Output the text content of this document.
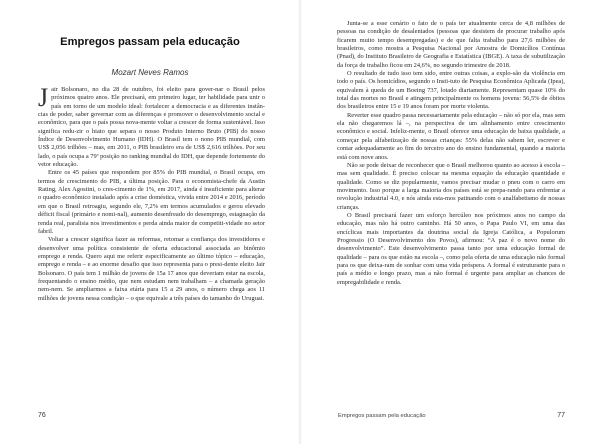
Empregos passam pela educação
Mozart Neves Ramos

Jair Bolsonaro, no dia 28 de outubro, foi eleito para gover-nar o Brasil pelos próximos quatro anos. Ele precisará, em primeiro lugar, ter habilidade para unir o país em torno de um modelo ideal: fortalecer a democracia e as diferentes instân-cias de poder, saber governar com as diferenças e promover o desenvolvimento social e econômico, para que o país possa nova-mente voltar a crescer de forma sustentável. Isso significa redu-zir o hiato que separa o nosso Produto Interno Bruto (PIB) do nosso Índice de Desenvolvimento Humano (IDH). O Brasil tem o nono PIB mundial, com US$ 2,056 trilhões – mas, em 2011, o PIB brasileiro era de US$ 2,616 trilhões. Por seu lado, o país ocupa a 79ª posição no ranking mundial do IDH, que depende fortemente do vetor educação.

Entre os 45 países que respondem por 85% do PIB mundial, o Brasil ocupa, em termos de crescimento do PIB, a última posição. Para o economista-chefe da Austin Rating, Alex Agostini, o cres-cimento de 1%, em 2017, ainda é insuficiente para alterar o quadro econômico instalado após a crise doméstica, vivida entre 2014 e 2016, período em que o Brasil retroagiu, segundo ele, 7,2% em termos acumulados e gerou elevado déficit fiscal (primário e nomi-nal), aumento desenfreado do desemprego, estagnação da renda real, paralisia nos investimentos e perda ainda maior de competiti-vidade no setor fabril.

Voltar a crescer significa fazer as reformas, retomar a confiança dos investidores e desenvolver uma política consistente de oferta educacional associada ao binômio emprego e renda. Quero aqui me referir especificamente ao último tópico – educação, emprego e renda – e ao enorme desafio que isso representa para o presi-dente eleito Jair Bolsonaro. O país tem 1 milhão de jovens de 15a 17 anos que deveriam estar na escola, frequentando o ensino médio, que nem estudam nem trabalham – a chamada geração nem-nem. Se ampliarmos a faixa etária para 15 a 29 anos, o número chega aos 11 milhões de jovens nessa condição – o que equivale a três países do tamanho do Uruguai.

76

Junta-se a esse cenário o fato de o país ter atualmente cerca de 4,8 milhões de pessoas na condição de desalentados (pessoas que desistem de procurar trabalho após ficarem muito tempo desempregadas) e de que falta trabalho para 27,6 milhões de brasileiros, como mostra a Pesquisa Nacional por Amostra de Domicílios Contínua (Pnad), do Instituto Brasileiro de Geografia e Estatística (IBGE). A taxa de subutilização da força de trabalho ficou em 24,6%, no segundo trimestre de 2018.

O resultado de tudo isso tem sido, entre outras coisas, a explo-são da violência em todo o país. Os homicídios, segundo o Insti-tuto de Pesquisa Econômica Aplicada (Ipea), equivalem à queda de um Boeing 737, lotado diariamente. Representam quase 10% do total das mortes no Brasil e atingem principalmente os homens jovens: 56,5% de óbitos dos brasileiros entre 15 e 19 anos foram por morte violenta.

Reverter esse quadro passa necessariamente pela educação – não só por ela, mas sem ela não chegaremos lá –, na perspectiva de um alinhamento entre crescimento econômico e social. Infeliz-mente, o Brasil oferece uma educação de baixa qualidade, a começar pela alfabetização de nossas crianças: 55% delas não sabem ler, escrever e contar adequadamente ao fim do terceiro ano do ensino fundamental, quando a maioria está com nove anos.

Não se pode deixar de reconhecer que o Brasil melhorou quanto ao acesso à escola – mas sem qualidade. É preciso colocar na mesma equação da educação quantidade e qualidade. Como se diz popularmente, vamos precisar mudar o pneu com o carro em movimento. Isso porque a larga maioria dos países está se prepa-rando para enfrentar a revolução industrial 4.0, e nós ainda esta-mos patinando com o analfabetismo de nossas crianças.

O Brasil precisará fazer um esforço hercúleo nos próximos anos no campo da educação, mas não há outro caminho. Há 50 anos, o Papa Paulo VI, em uma das encíclicas mais importantes da doutrina social da Igreja Católica, a Populorum Progressio (O Desenvolvimento dos Povos), afirmou: “A paz é o novo nome do desenvolvimento”. Este desenvolvimento passa tanto por uma educação formal de qualidade – para os que estão na escola –, como pela oferta de uma educação não formal para os que deixa-ram de sonhar com uma vida próspera. A formal é estruturante para o país a médio e longo prazo, mas a não formal é urgente para ampliar as chances de empregabilidade e renda.

Empregos passam pela educação	77
